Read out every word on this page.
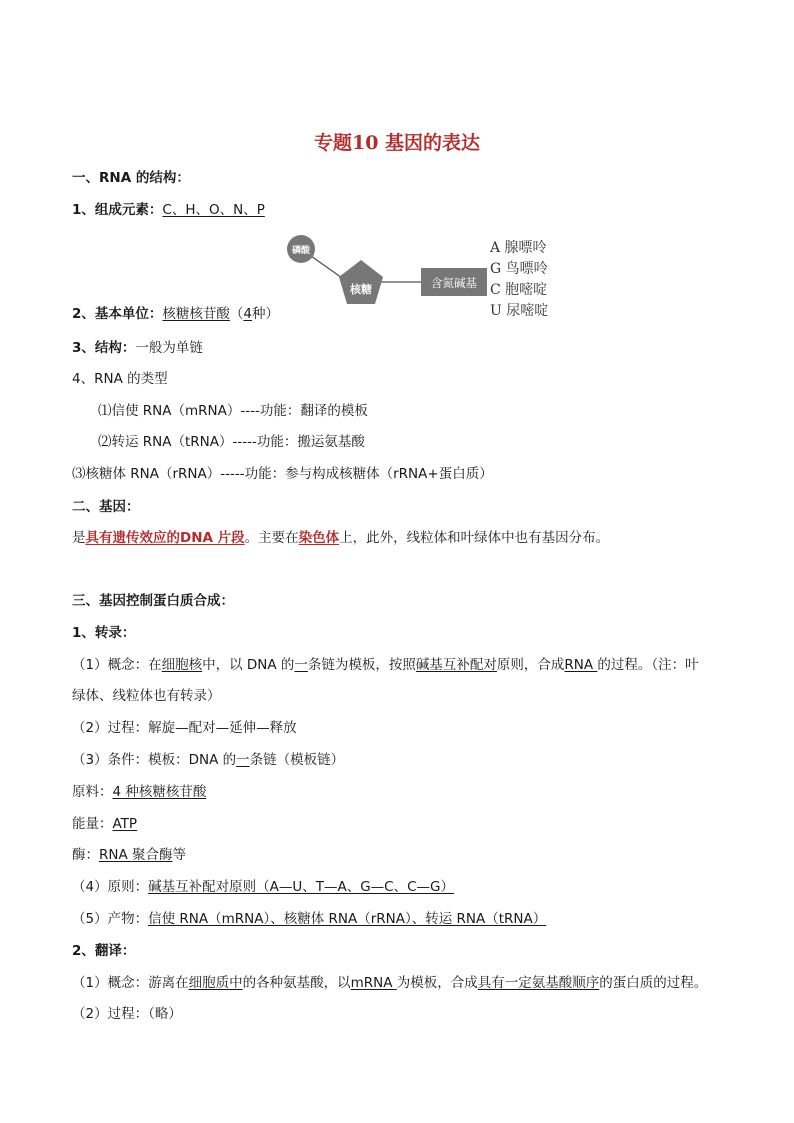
专题10 基因的表达
一、RNA 的结构：
1、组成元素：C、H、O、N、P
磷酸
核糖	含氮碱基
A 腺嘌呤
G 鸟嘌呤
C 胞嘧啶
U 尿嘧啶
2、基本单位：核糖核苷酸（4种）
3、结构：一般为单链
4、RNA 的类型
⑴信使 RNA（mRNA）----功能：翻译的模板
⑵转运 RNA（tRNA）-----功能：搬运氨基酸
⑶核糖体 RNA（rRNA）-----功能：参与构成核糖体（rRNA+蛋白质）
二、基因：
是具有遗传效应的DNA 片段。主要在染色体上，此外，线粒体和叶绿体中也有基因分布。
三、基因控制蛋白质合成：
1、转录：
（1）概念：在细胞核中，以 DNA 的一条链为模板，按照碱基互补配对原则，合成RNA 的过程。（注：叶
绿体、线粒体也有转录）
（2）过程：解旋—配对—延伸—释放
（3）条件：模板：DNA 的一条链（模板链）
原料：4 种核糖核苷酸
能量：ATP
酶：RNA 聚合酶等
（4）原则：碱基互补配对原则（A—U、T—A、G—C、C—G）
（5）产物：信使 RNA（mRNA）、核糖体 RNA（rRNA）、转运 RNA（tRNA）
2、翻译：
（1）概念：游离在细胞质中的各种氨基酸，以mRNA 为模板，合成具有一定氨基酸顺序的蛋白质的过程。
（2）过程：（略）
